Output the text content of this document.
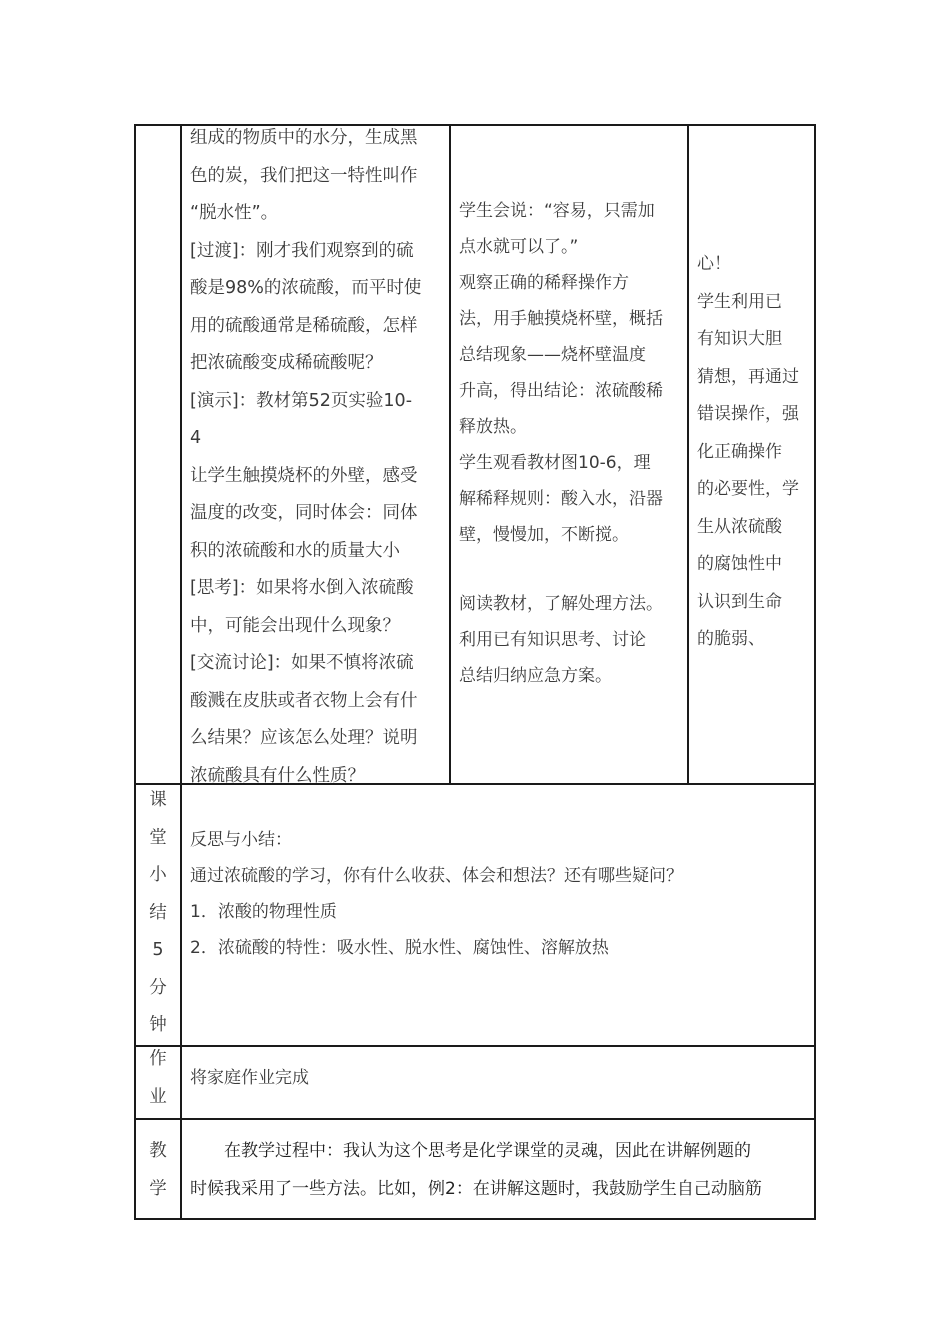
组成的物质中的水分，生成黑
色的炭，我们把这一特性叫作
“脱水性”。
[过渡]：刚才我们观察到的硫
酸是98%的浓硫酸，而平时使
用的硫酸通常是稀硫酸，怎样
把浓硫酸变成稀硫酸呢？
[演示]：教材第52页实验10-
4
让学生触摸烧杯的外壁，感受
温度的改变，同时体会：同体
积的浓硫酸和水的质量大小
[思考]：如果将水倒入浓硫酸
中，可能会出现什么现象？
[交流讨论]：如果不慎将浓硫
酸溅在皮肤或者衣物上会有什
么结果？应该怎么处理？说明
浓硫酸具有什么性质？
学生会说：“容易，只需加
点水就可以了。”
观察正确的稀释操作方
法，用手触摸烧杯壁，概括
总结现象——烧杯壁温度
升高，得出结论：浓硫酸稀
释放热。
学生观看教材图10-6，理
解稀释规则：酸入水，沿器
壁，慢慢加，不断搅。
阅读教材，了解处理方法。
利用已有知识思考、讨论
总结归纳应急方案。
心！
学生利用已
有知识大胆
猜想，再通过
错误操作，强
化正确操作
的必要性，学
生从浓硫酸
的腐蚀性中
认识到生命
的脆弱、
课
堂
小
结
5
分
钟
反思与小结：
通过浓硫酸的学习，你有什么收获、体会和想法？还有哪些疑问？
1．浓酸的物理性质
2．浓硫酸的特性：吸水性、脱水性、腐蚀性、溶解放热
作
业
将家庭作业完成
教
学
在教学过程中：我认为这个思考是化学课堂的灵魂，因此在讲解例题的
时候我采用了一些方法。比如，例2：在讲解这题时，我鼓励学生自己动脑筋
